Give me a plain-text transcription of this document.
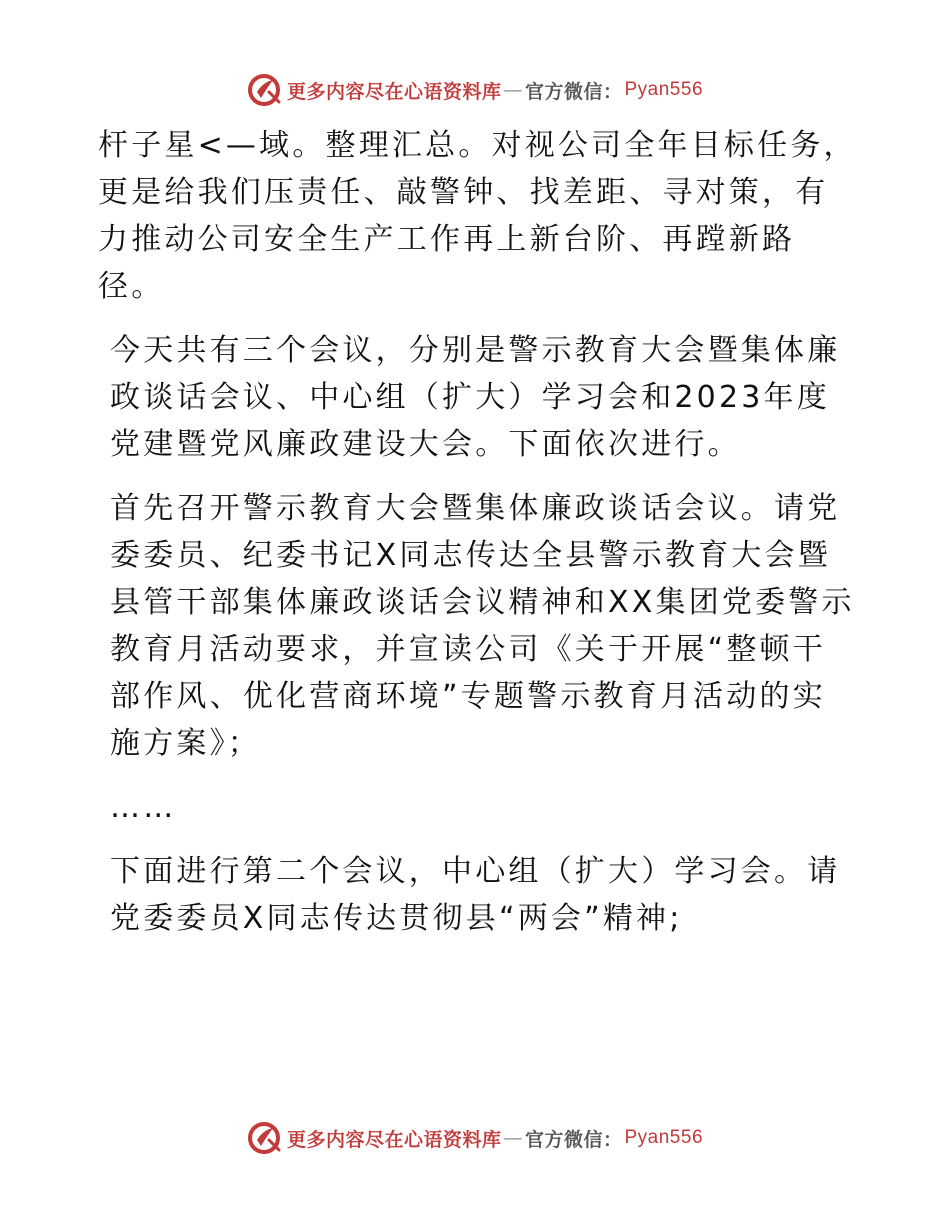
更多内容尽在心语资料库 — 官方微信： Pyan556

杆子星<—域。整理汇总。对视公司全年目标任务，更是给我们压责任、敲警钟、找差距、寻对策，有力推动公司安全生产工作再上新台阶、再蹚新路径。

今天共有三个会议，分别是警示教育大会暨集体廉政谈话会议、中心组（扩大）学习会和2023年度党建暨党风廉政建设大会。下面依次进行。

首先召开警示教育大会暨集体廉政谈话会议。请党委委员、纪委书记X同志传达全县警示教育大会暨县管干部集体廉政谈话会议精神和XX集团党委警示教育月活动要求，并宣读公司《关于开展“整顿干部作风、优化营商环境”专题警示教育月活动的实施方案》；

……

下面进行第二个会议，中心组（扩大）学习会。请党委委员X同志传达贯彻县“两会”精神;

更多内容尽在心语资料库 — 官方微信： Pyan556
